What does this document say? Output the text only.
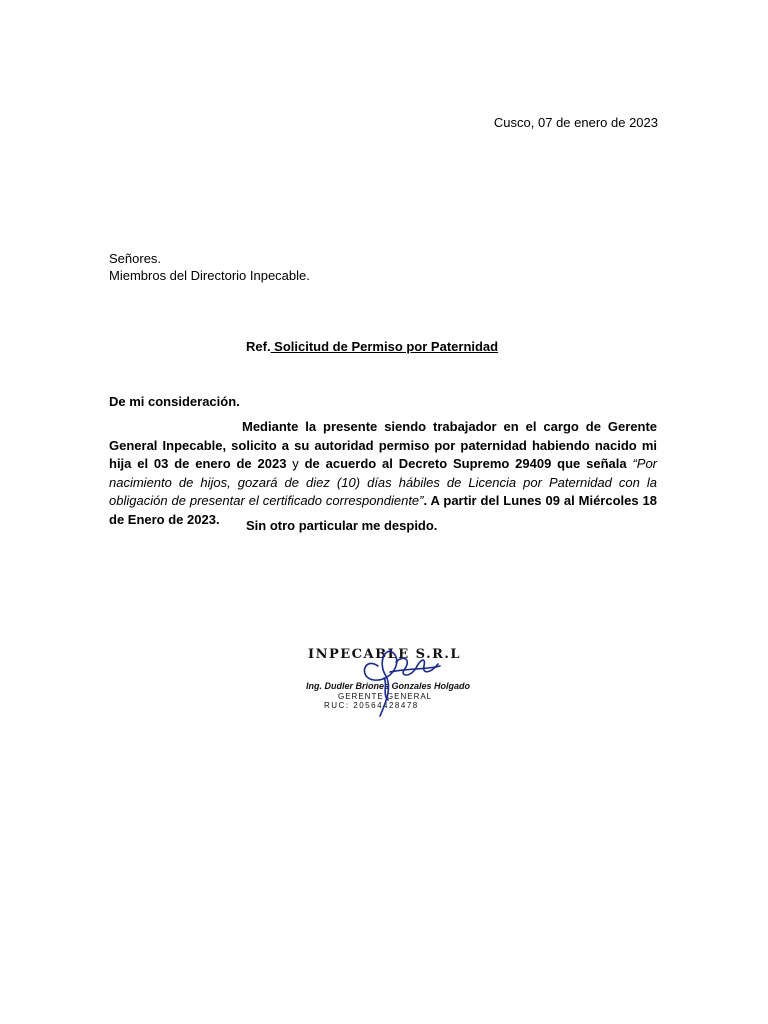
Cusco, 07 de enero de 2023
Señores.
Miembros del Directorio Inpecable.
Ref. Solicitud de Permiso por Paternidad
De mi consideración.
Mediante la presente siendo trabajador en el cargo de Gerente General Inpecable, solicito a su autoridad permiso por paternidad habiendo nacido mi hija el 03 de enero de 2023 y de acuerdo al Decreto Supremo 29409 que señala “Por nacimiento de hijos, gozará de diez (10) días hábiles de Licencia por Paternidad con la obligación de presentar el certificado correspondiente”. A partir del Lunes 09 al Miércoles 18 de Enero de 2023.	Sin otro particular me despido.
INPECABLE S.R.L
Ing. Dudler Briones Gonzales Holgado
GERENTE GENERAL
RUC: 20564428478
